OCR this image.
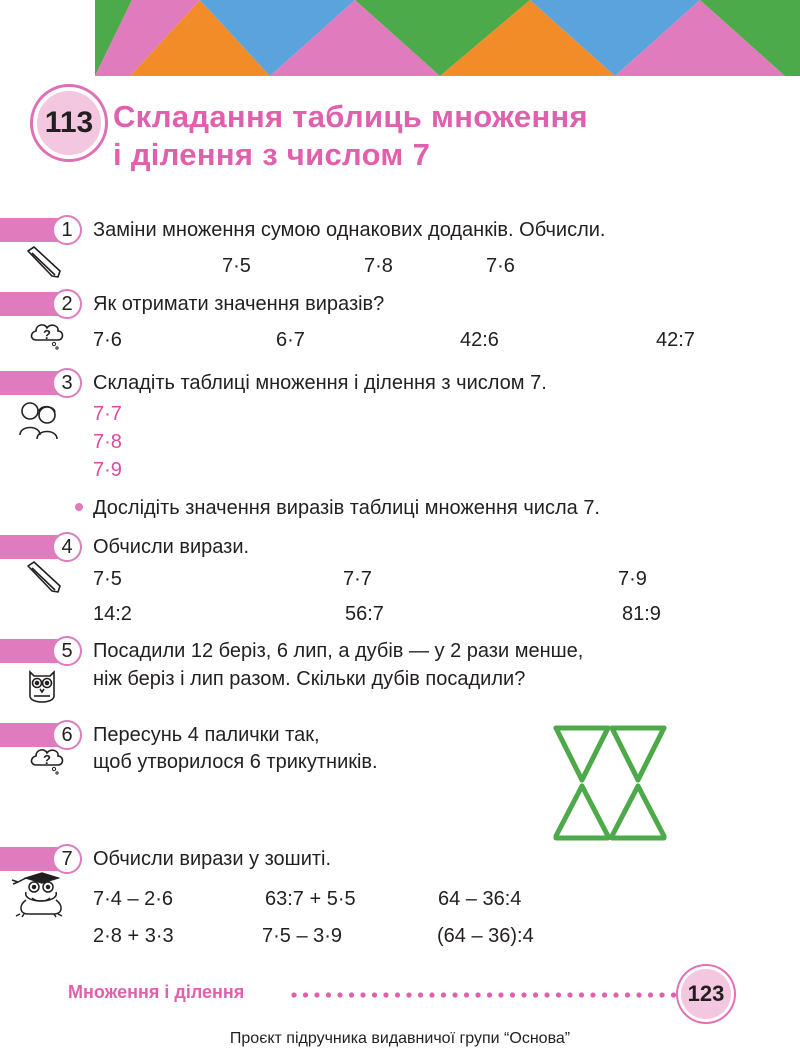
113 Складання таблиць множення
і ділення з числом 7
1	Заміни множення сумою однакових доданків. Обчисли.
7·5	7·8	7·6
2	Як отримати значення виразів?
? 7·6	6·7	42:6	42:7
3	Складіть таблиці множення і ділення з числом 7.
7·7
7·8
7·9
Дослідіть значення виразів таблиці множення числа 7.
4	Обчисли вирази.
7·5	7·7	7·9
14:2	56:7	81:9
5	Посадили 12 беріз, 6 лип, а дубів — у 2 рази менше,
ніж беріз і лип разом. Скільки дубів посадили?
6	Пересунь 4 палички так,
щоб утворилося 6 трикутників.
?
7	Обчисли вирази у зошиті.
7·4 – 2·6	63:7 + 5·5	64 – 36:4
2·8 + 3·3	7·5 – 3·9	(64 – 36):4
Множення і ділення	123
Проєкт підручника видавничої групи “Основа”
